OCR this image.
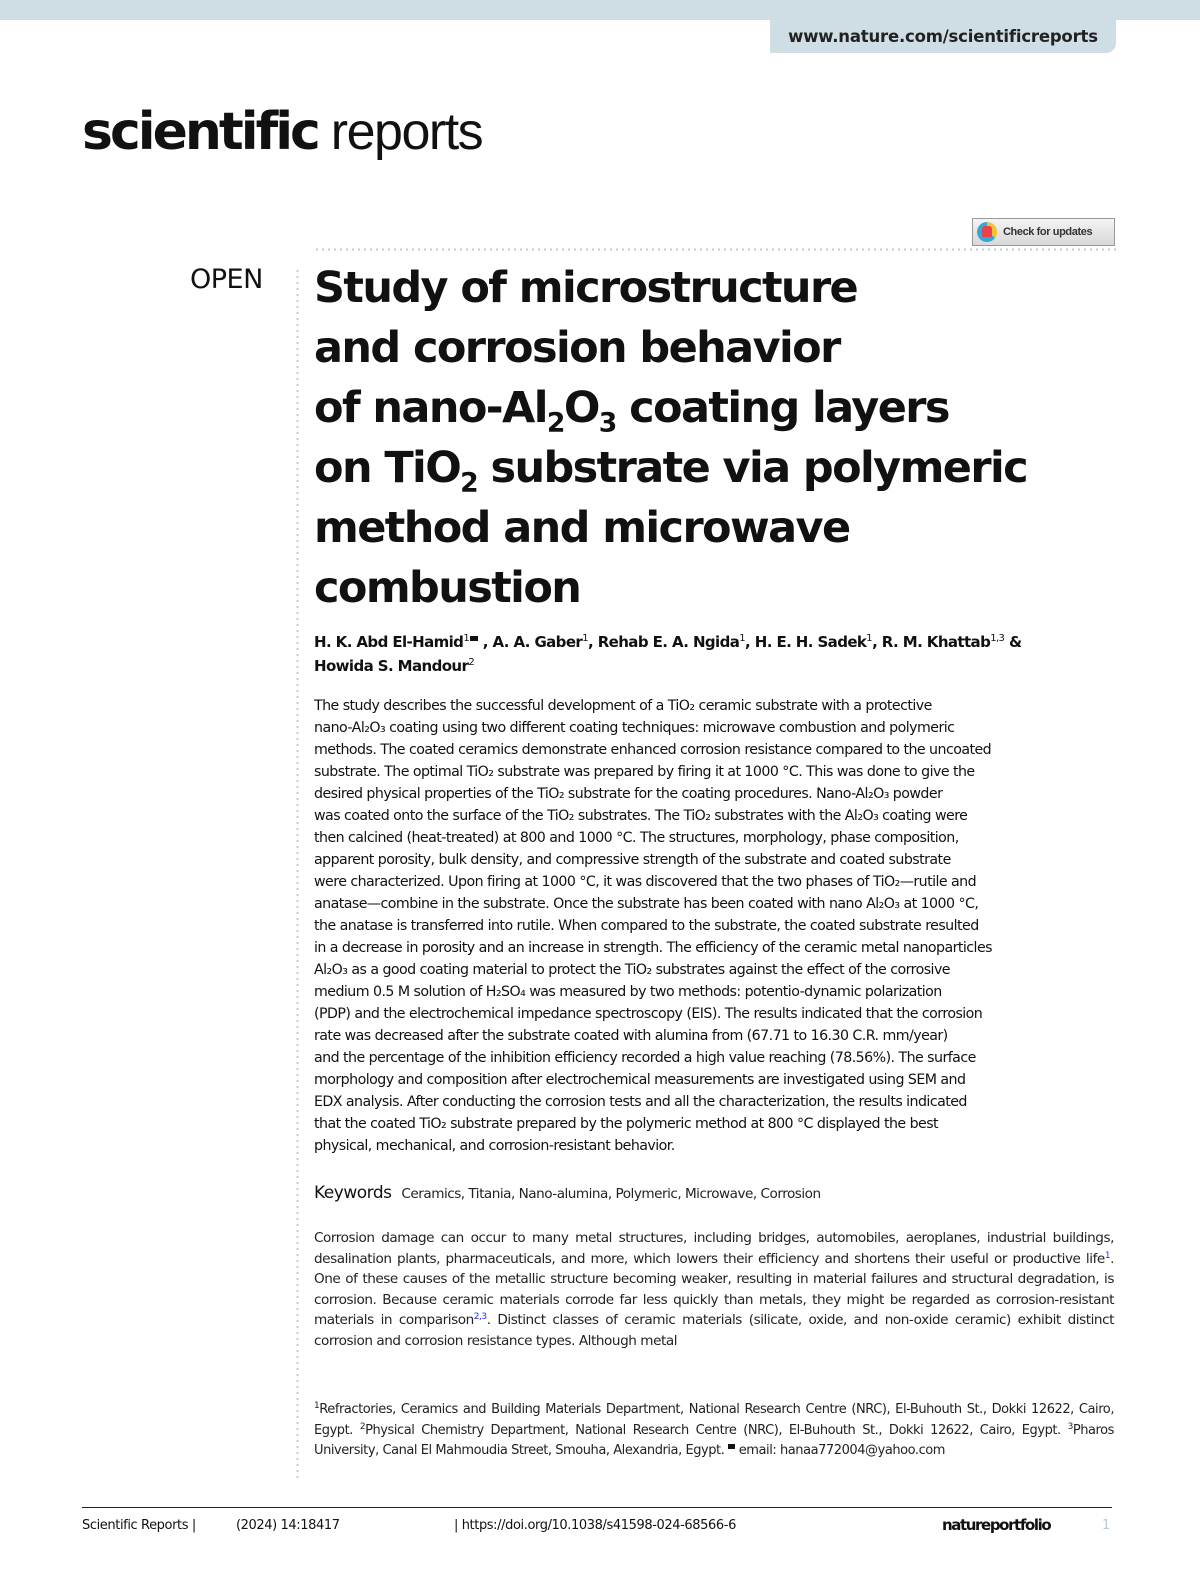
www.nature.com/scientificreports
scientific reports
Check for updates
OPEN Study of microstructure
and corrosion behavior
of nano-$Al_2O_3$ coating layers
on TiO$_2$ substrate via polymeric
method and microwave
combustion
H. K. Abd El-Hamid$^1$ , A. A. Gaber$^1$, Rehab E. A. Ngida$^1$, H. E. H. Sadek$^1$, R. M. Khattab$^{1,3}$ &
Howida S. Mandour$^2$

The study describes the successful development of a TiO₂ ceramic substrate with a protective

nano-Al₂O₃ coating using two different coating techniques: microwave combustion and polymeric

methods. The coated ceramics demonstrate enhanced corrosion resistance compared to the uncoated

substrate. The optimal TiO₂ substrate was prepared by firing it at 1000 °C. This was done to give the

desired physical properties of the TiO₂ substrate for the coating procedures. Nano-Al₂O₃ powder

was coated onto the surface of the TiO₂ substrates. The TiO₂ substrates with the Al₂O₃ coating were

then calcined (heat-treated) at 800 and 1000 °C. The structures, morphology, phase composition,

apparent porosity, bulk density, and compressive strength of the substrate and coated substrate

were characterized. Upon firing at 1000 °C, it was discovered that the two phases of TiO₂—rutile and

anatase—combine in the substrate. Once the substrate has been coated with nano Al₂O₃ at 1000 °C,

the anatase is transferred into rutile. When compared to the substrate, the coated substrate resulted

in a decrease in porosity and an increase in strength. The efficiency of the ceramic metal nanoparticles

Al₂O₃ as a good coating material to protect the TiO₂ substrates against the effect of the corrosive

medium 0.5 M solution of H₂SO₄ was measured by two methods: potentio-dynamic polarization

(PDP) and the electrochemical impedance spectroscopy (EIS). The results indicated that the corrosion

rate was decreased after the substrate coated with alumina from (67.71 to 16.30 C.R. mm/year)

and the percentage of the inhibition efficiency recorded a high value reaching (78.56%). The surface

morphology and composition after electrochemical measurements are investigated using SEM and

EDX analysis. After conducting the corrosion tests and all the characterization, the results indicated

that the coated TiO₂ substrate prepared by the polymeric method at 800 °C displayed the best

physical, mechanical, and corrosion-resistant behavior.

Keywords Ceramics, Titania, Nano-alumina, Polymeric, Microwave, Corrosion
Corrosion damage can occur to many metal structures, including bridges, automobiles, aeroplanes, industrial buildings, desalination plants, pharmaceuticals, and more, which lowers their efficiency and shortens their useful or productive life$^1$. One of these causes of the metallic structure becoming weaker, resulting in material failures and structural degradation, is corrosion. Because ceramic materials corrode far less quickly than metals, they might be regarded as corrosion-resistant materials in comparison$^{2,3}$. Distinct classes of ceramic materials (silicate, oxide, and non-oxide ceramic) exhibit distinct corrosion and corrosion resistance types. Although metal
$^1$Refractories, Ceramics and Building Materials Department, National Research Centre (NRC), El-Buhouth St., Dokki 12622, Cairo, Egypt. $^2$Physical Chemistry Department, National Research Centre (NRC), El-Buhouth St., Dokki 12622, Cairo, Egypt. $^3$Pharos University, Canal El Mahmoudia Street, Smouha, Alexandria, Egypt.  email: hanaa772004@yahoo.com
Scientific Reports |	(2024) 14:18417	| https://doi.org/10.1038/s41598-024-68566-6	natureportfolio	1
